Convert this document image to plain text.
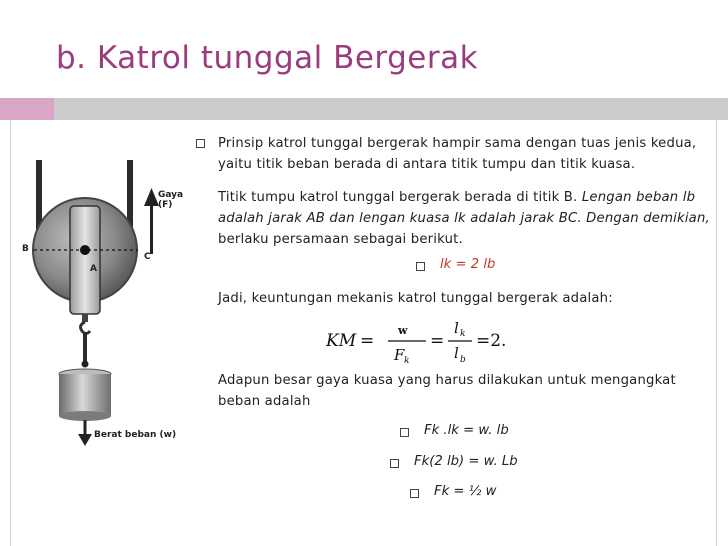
b. Katrol tunggal Bergerak
Gaya (F)
B
A
C
Berat beban (w)
Prinsip katrol tunggal bergerak hampir sama dengan tuas jenis kedua, yaitu titik beban berada di antara titik tumpu dan titik kuasa.
Titik tumpu katrol tunggal bergerak berada di titik B. Lengan beban lb adalah jarak AB dan lengan kuasa lk adalah jarak BC. Dengan demikian, berlaku persamaan sebagai berikut.
lk = 2 lb
Jadi, keuntungan mekanis katrol tunggal bergerak adalah:
KM =
w
F k
=
l k
l b
=2.
Adapun besar gaya kuasa yang harus dilakukan untuk mengangkat beban adalah
Fk .lk = w. lb
Fk(2 lb) = w. Lb
Fk = ½ w
